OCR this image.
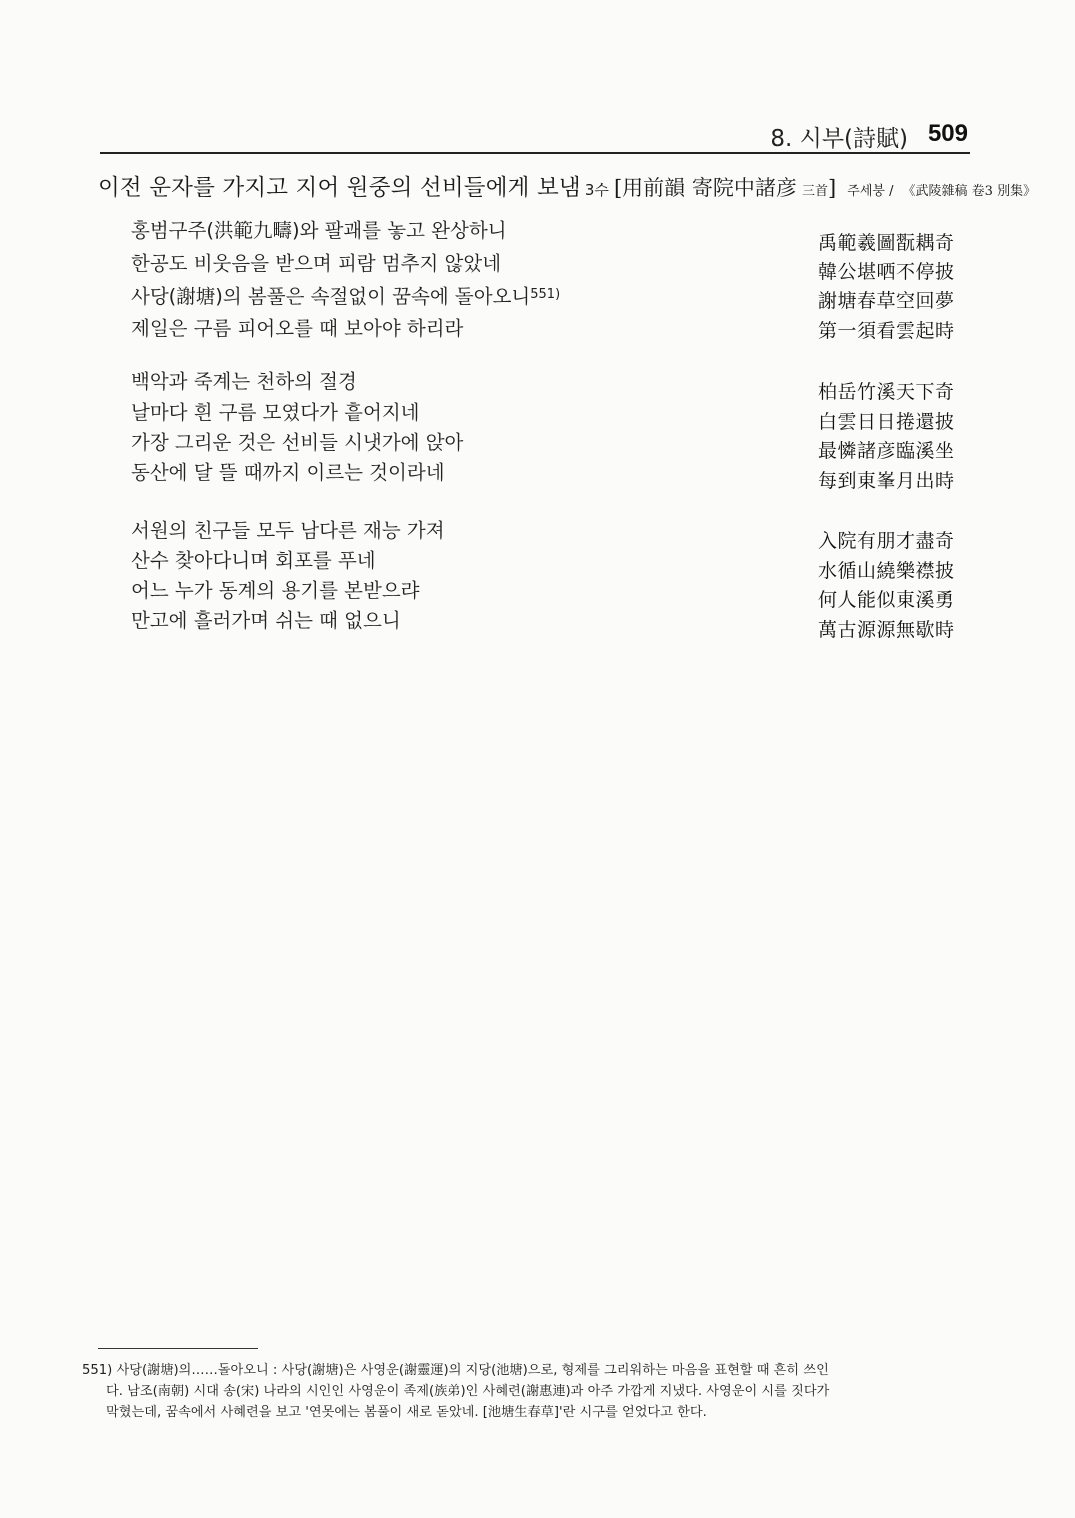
8. 시부(詩賦) 509
이전 운자를 가지고 지어 원중의 선비들에게 보냄 3수 [用前韻 寄院中諸彦 三首] 주세붕 / 《武陵雜稿 卷3 別集》
홍범구주(洪範九疇)와 팔괘를 놓고 완상하니
한공도 비웃음을 받으며 피람 멈추지 않았네
사당(謝塘)의 봄풀은 속절없이 꿈속에 돌아오니$^{551)}$
제일은 구름 피어오를 때 보아야 하리라
禹範羲圖翫耦奇
韓公堪哂不停披
謝塘春草空回夢
第一須看雲起時
백악과 죽계는 천하의 절경
날마다 흰 구름 모였다가 흩어지네
가장 그리운 것은 선비들 시냇가에 앉아
동산에 달 뜰 때까지 이르는 것이라네
柏岳竹溪天下奇
白雲日日捲還披
最憐諸彦臨溪坐
每到東峯月出時
서원의 친구들 모두 남다른 재능 가져
산수 찾아다니며 회포를 푸네
어느 누가 동계의 용기를 본받으랴
만고에 흘러가며 쉬는 때 없으니
入院有朋才盡奇
水循山繞樂襟披
何人能似東溪勇
萬古源源無歇時
551) 사당(謝塘)의……돌아오니 : 사당(謝塘)은 사영운(謝靈運)의 지당(池塘)으로, 형제를 그리워하는 마음을 표현할 때 흔히 쓰인
다. 남조(南朝) 시대 송(宋) 나라의 시인인 사영운이 족제(族弟)인 사혜련(謝惠連)과 아주 가깝게 지냈다. 사영운이 시를 짓다가
막혔는데, 꿈속에서 사혜련을 보고 '연못에는 봄풀이 새로 돋았네. [池塘生春草]'란 시구를 얻었다고 한다.
